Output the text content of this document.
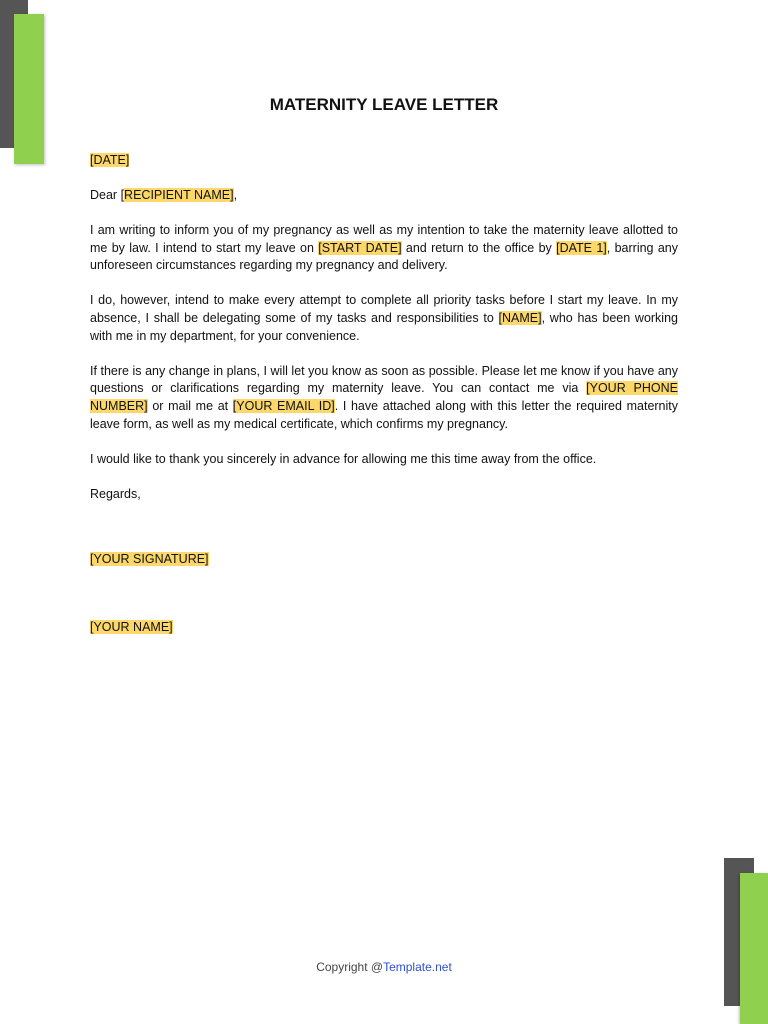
MATERNITY LEAVE LETTER

[DATE]

Dear [RECIPIENT NAME],

I am writing to inform you of my pregnancy as well as my intention to take the maternity leave allotted to me by law. I intend to start my leave on [START DATE] and return to the office by [DATE 1], barring any unforeseen circumstances regarding my pregnancy and delivery.

I do, however, intend to make every attempt to complete all priority tasks before I start my leave. In my absence, I shall be delegating some of my tasks and responsibilities to [NAME], who has been working with me in my department, for your convenience.

If there is any change in plans, I will let you know as soon as possible. Please let me know if you have any questions or clarifications regarding my maternity leave. You can contact me via [YOUR PHONE NUMBER] or mail me at [YOUR EMAIL ID]. I have attached along with this letter the required maternity leave form, as well as my medical certificate, which confirms my pregnancy.

I would like to thank you sincerely in advance for allowing me this time away from the office.

Regards,

[YOUR SIGNATURE]

[YOUR NAME]

Copyright @Template.net
